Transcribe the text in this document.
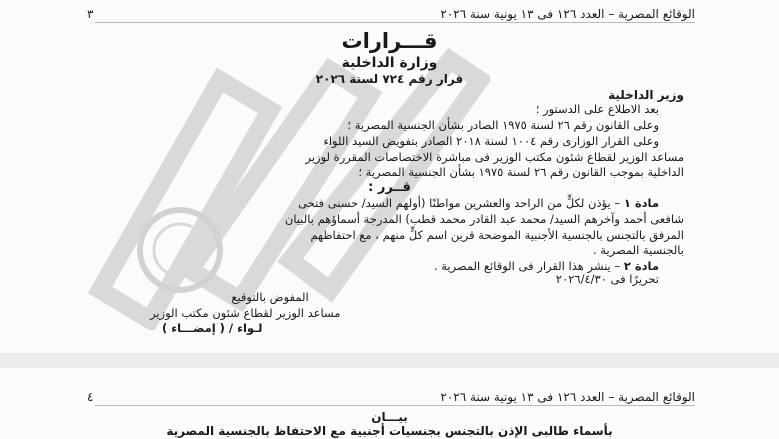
الوقائع المصرية – العدد ١٢٦ فى ١٣ يونية سنة ٢٠٢٦
٣
قـــرارات
وزارة الداخلية
قرار رقم ٧٢٤ لسنة ٢٠٢٦
وزير الداخلية
بعد الاطلاع على الدستور ؛
وعلى القانون رقم ٢٦ لسنة ١٩٧٥ الصادر بشأن الجنسية المصرية ؛
وعلى القرار الوزارى رقم ١٠٠٤ لسنة ٢٠١٨ الصادر بتفويض السيد اللواء
مساعد الوزير لقطاع شئون مكتب الوزير فى مباشرة الاختصاصات المقررة لوزير
الداخلية بموجب القانون رقم ٢٦ لسنة ١٩٧٥ بشأن الجنسية المصرية ؛
قــرر :
مادة ١ – يؤذن لكلٍّ من الراحد والعشرين مواطنًا (أولهم السيد/ حسنى فتحى
شافعى أحمد وآخرهم السيد/ محمد عبد القادر محمد قطب) المدرجة أسماؤهم بالبيان
المرفق بالتجنس بالجنسية الأجنبية الموضحة قرين اسم كلٍّ منهم ، مع احتفاظهم
بالجنسية المصرية .
مادة ٢ – ينشر هذا القرار فى الوقائع المصرية .
تحريرًا فى ٢٠٢٦/٤/٣٠
المفوض بالتوقيع
مساعد الوزير لقطاع شئون مكتب الوزير
لـواء / ( إمضـــاء )
الوقائع المصرية – العدد ١٢٦ فى ١٣ يونية سنة ٢٠٢٦
٤
بيـــان
بأسماء طالبى الإذن بالتجنس بجنسيات أجنبية مع الاحتفاظ بالجنسية المصرية
